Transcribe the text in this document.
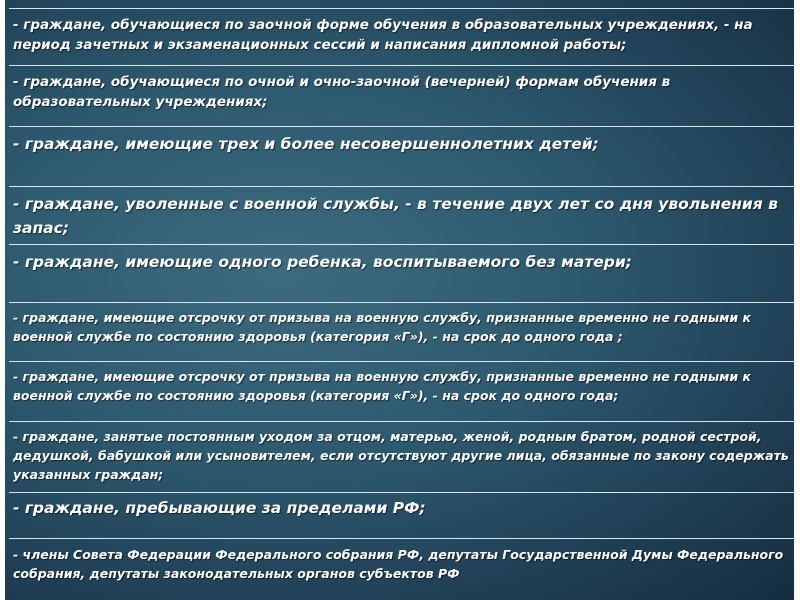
- граждане, обучающиеся по заочной форме обучения в образовательных учреждениях, - на период зачетных и экзаменационных сессий и написания дипломной работы;
- граждане, обучающиеся по очной и очно-заочной (вечерней) формам обучения в образовательных учреждениях;
- граждане, имеющие трех и более несовершеннолетних детей;
- граждане, уволенные с военной службы, - в течение двух лет со дня увольнения в запас;
- граждане, имеющие одного ребенка, воспитываемого без матери;
- граждане, имеющие отсрочку от призыва на военную службу, признанные временно не годными к военной службе по состоянию здоровья (категория «Г»), - на срок до одного года ;
- граждане, имеющие отсрочку от призыва на военную службу, признанные временно не годными к военной службе по состоянию здоровья (категория «Г»), - на срок до одного года;
- граждане, занятые постоянным уходом за отцом, матерью, женой, родным братом, родной сестрой, дедушкой, бабушкой или усыновителем, если отсутствуют другие лица, обязанные по закону содержать указанных граждан;
- граждане, пребывающие за пределами РФ;
- члены Совета Федерации Федерального собрания РФ, депутаты Государственной Думы Федерального собрания, депутаты законодательных органов субъектов РФ
